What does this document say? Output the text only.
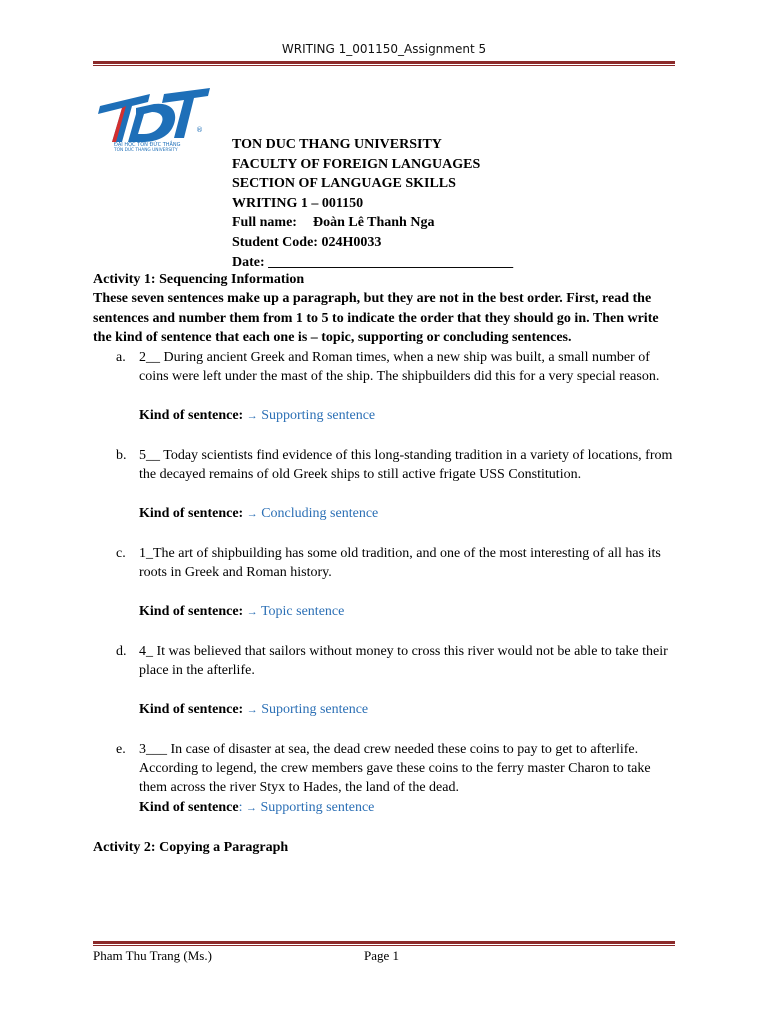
WRITING 1_001150_Assignment 5
®
ĐẠI HỌC TÔN ĐỨC THẮNG
TON DUC THANG UNIVERSITY	TON DUC THANG UNIVERSITY
FACULTY OF FOREIGN LANGUAGES
SECTION OF LANGUAGE SKILLS
WRITING 1 – 001150
Full name: Đoàn Lê Thanh Nga
Student Code: 024H0033
Date: ___________________________________
Activity 1: Sequencing Information
These seven sentences make up a paragraph, but they are not in the best order. First, read the sentences and number them from 1 to 5 to indicate the order that they should go in. Then write the kind of sentence that each one is – topic, supporting or concluding sentences.
a. 2__ During ancient Greek and Roman times, when a new ship was built, a small number of coins were left under the mast of the ship. The shipbuilders did this for a very special reason.
Kind of sentence: → Supporting sentence
b. 5__ Today scientists find evidence of this long-standing tradition in a variety of locations, from the decayed remains of old Greek ships to still active frigate USS Constitution.
Kind of sentence: → Concluding sentence
c. 1_The art of shipbuilding has some old tradition, and one of the most interesting of all has its roots in Greek and Roman history.
Kind of sentence: → Topic sentence
d. 4_ It was believed that sailors without money to cross this river would not be able to take their place in the afterlife.
Kind of sentence: → Suporting sentence
e. 3___ In case of disaster at sea, the dead crew needed these coins to pay to get to afterlife. According to legend, the crew members gave these coins to the ferry master Charon to take them across the river Styx to Hades, the land of the dead.
Kind of sentence: → Supporting sentence
Activity 2: Copying a Paragraph
Pham Thu Trang (Ms.)	Page 1
